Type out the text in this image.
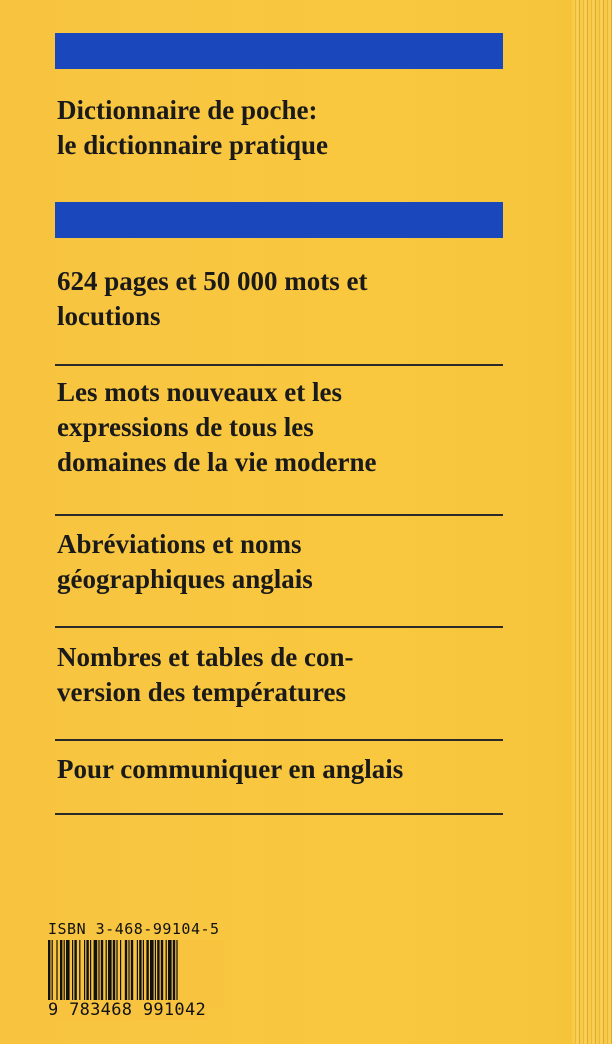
Dictionnaire de poche:
le dictionnaire pratique
624 pages et 50 000 mots et
locutions
Les mots nouveaux et les
expressions de tous les
domaines de la vie moderne
Abréviations et noms
géographiques anglais
Nombres et tables de con-
version des températures
Pour communiquer en anglais
ISBN 3-468-99104-5
9 783468 991042
